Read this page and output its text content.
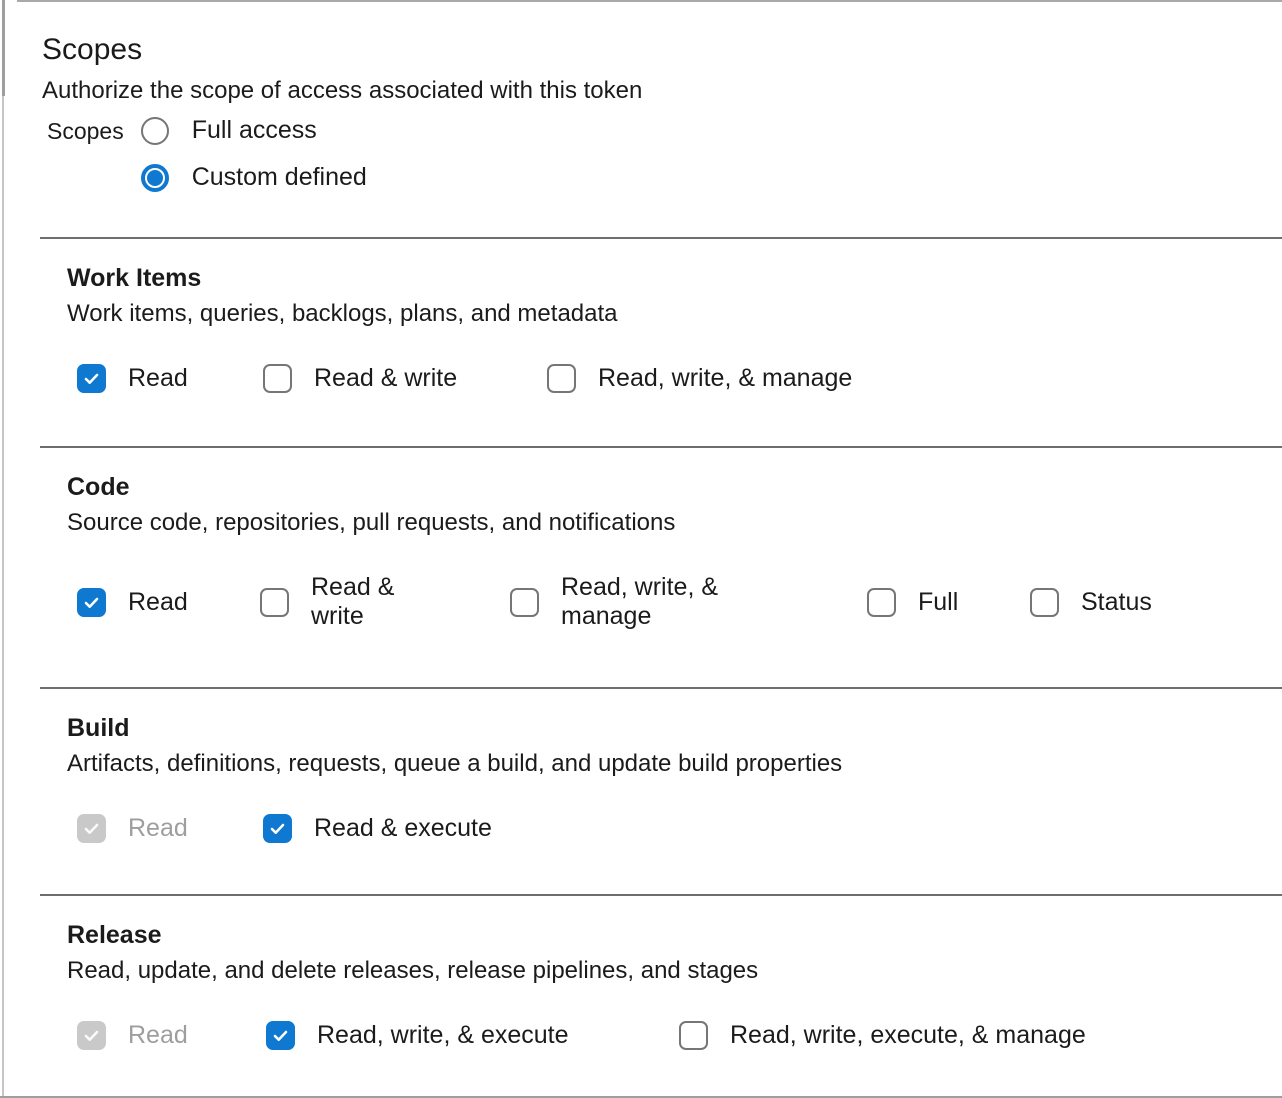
Scopes
Authorize the scope of access associated with this token
Scopes	Full access
Custom defined
Work Items
Work items, queries, backlogs, plans, and metadata
Read	Read & write	Read, write, & manage
Code
Source code, repositories, pull requests, and notifications
Read
Read & write
Read, write, & manage
Full	Status
Build
Artifacts, definitions, requests, queue a build, and update build properties
Read	Read & execute
Release
Read, update, and delete releases, release pipelines, and stages
Read	Read, write, & execute	Read, write, execute, & manage
